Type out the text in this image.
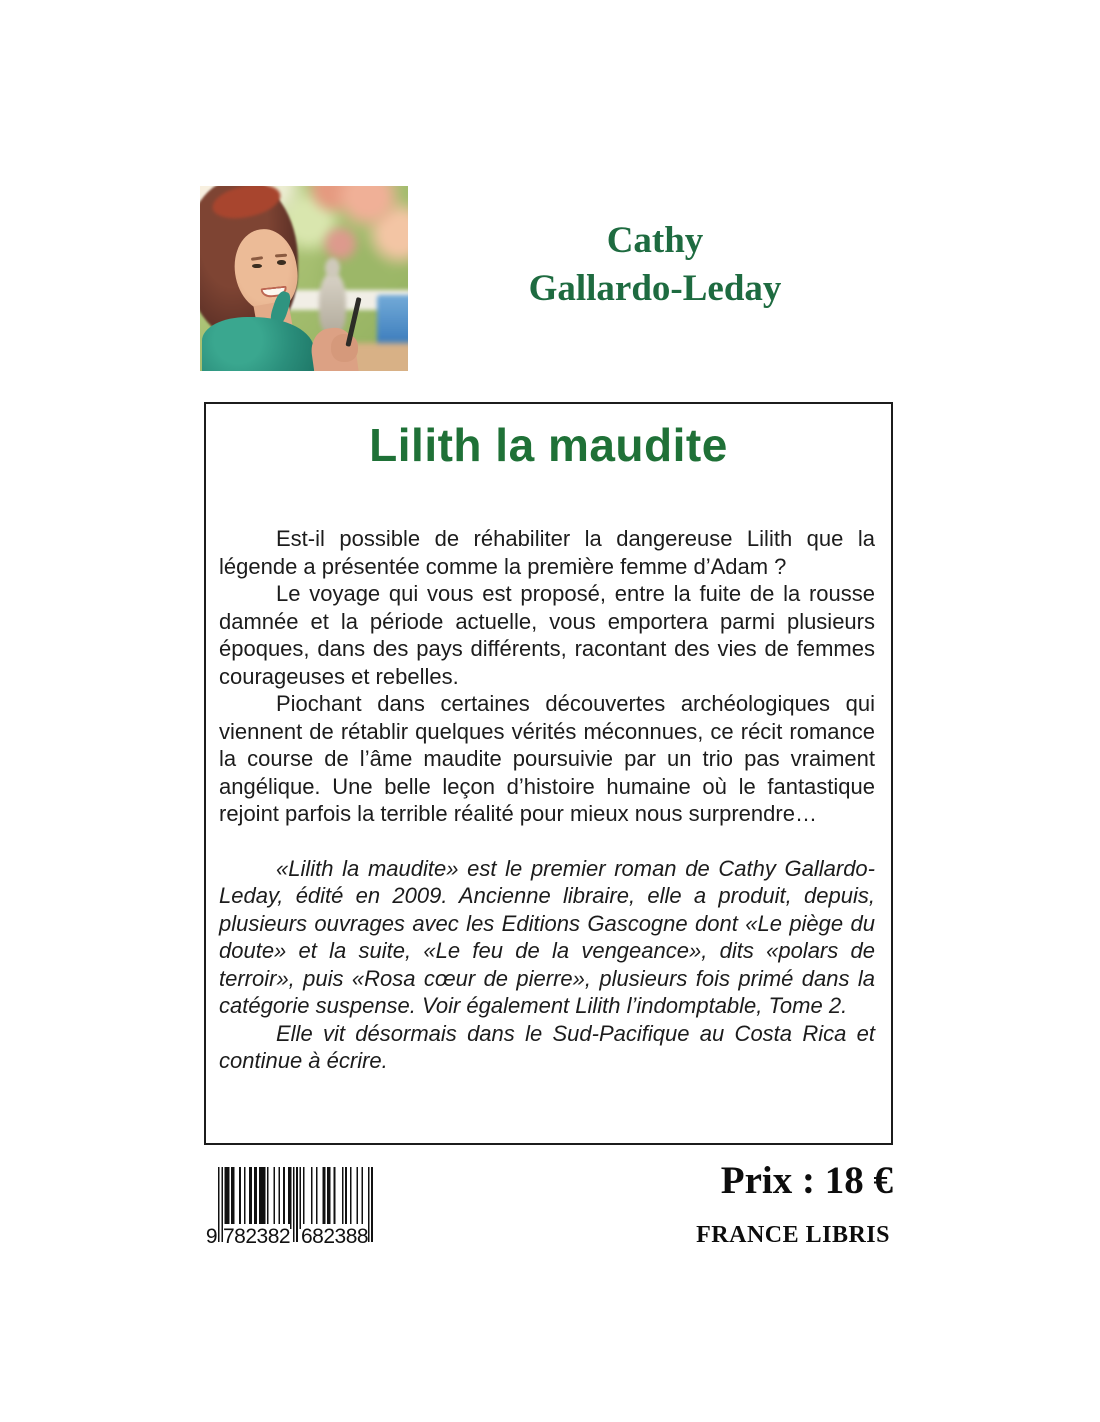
Cathy
Gallardo-Leday
Lilith la maudite

Est-il possible de réhabiliter la dangereuse Lilith que la légende a présentée comme la première femme d’Adam ?

Le voyage qui vous est proposé, entre la fuite de la rousse damnée et la période actuelle, vous emportera parmi plusieurs époques, dans des pays différents, racontant des vies de femmes courageuses et rebelles.

Piochant dans certaines découvertes archéologiques qui viennent de rétablir quelques vérités méconnues, ce récit romance la course de l’âme maudite poursuivie par un trio pas vraiment angélique. Une belle leçon d’histoire humaine où le fantastique rejoint parfois la terrible réalité pour mieux nous surprendre…

«Lilith la maudite» est le premier roman de Cathy Gallardo-Leday, édité en 2009. Ancienne libraire, elle a produit, depuis, plusieurs ouvrages avec les Editions Gascogne dont «Le piège du doute» et la suite, «Le feu de la vengeance», dits «polars de terroir», puis «Rosa cœur de pierre», plusieurs fois primé dans la catégorie suspense. Voir également Lilith l’indomptable, Tome 2.

Elle vit désormais dans le Sud-Pacifique au Costa Rica et continue à écrire.

9 782382 682388
Prix : 18 €
FRANCE LIBRIS
